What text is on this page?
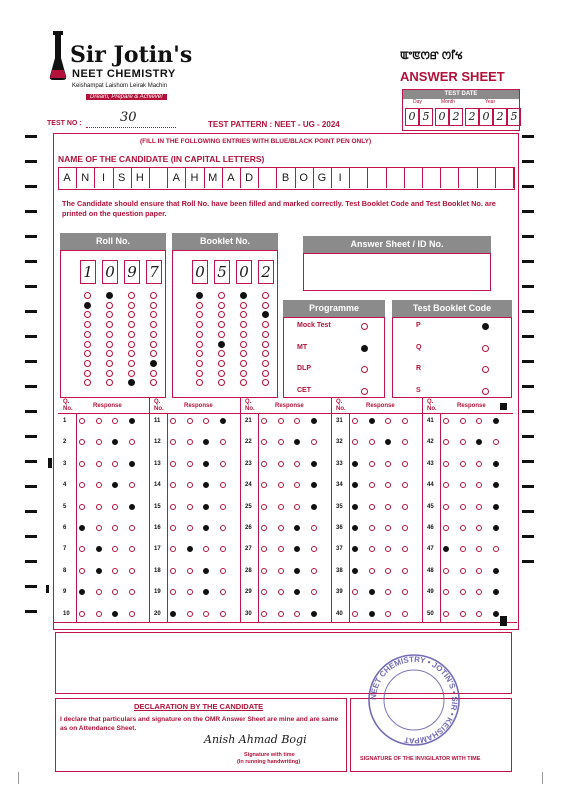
Sir Jotin's
NEET CHEMISTRY
Keishampat Laishom Leirak Machin
Dream, Prepare & Achieve!
ꯑꯦꯟꯁꯔ ꯁꯤꯠ
ANSWER SHEET
TEST DATE
Day	Month	Year
0 5 0 2 2 0 2 5
TEST NO :	30	TEST PATTERN : NEET - UG - 2024
(FILL IN THE FOLLOWING ENTRIES WITH BLUE/BLACK POINT PEN ONLY)
NAME OF THE CANDIDATE (IN CAPITAL LETTERS)
A N	I	S H	A H M A D	B O G	I
The Candidate should ensure that Roll No. have been filled and marked correctly. Test Booklet Code and Test Booklet No. are printed on the question paper.
Roll No.
1 0 9 7
Booklet No.
0 5 0 2
Answer Sheet / ID No.
Programme
Mock Test
MT
DLP
CET
Test Booklet Code
P
Q
R
S
Q. No.	Response
1
2
3
4
5
6
7
8
9
10
Q. No.	Response
11
12
13
14
15
16
17
18
19
20
Q. No.	Response
21
22
23
24
25
26
27
28
29
30
Q. No.	Response
31
32
33
34
35
36
37
38
39
40
Q. No.	Response
41
42
43
44
45
46
47
48
49
50
DECLARATION BY THE CANDIDATE
I declare that particulars and signature on the OMR Answer Sheet are mine and are same as on Attendance Sheet.
Anish Ahmad Bogi
Signature with time
(In running handwriting)	SIGNATURE OF THE INVIGILATOR WITH TIME
NEET CHEMISTRY • JOTIN'S • SIR • KEISHAMPAT
